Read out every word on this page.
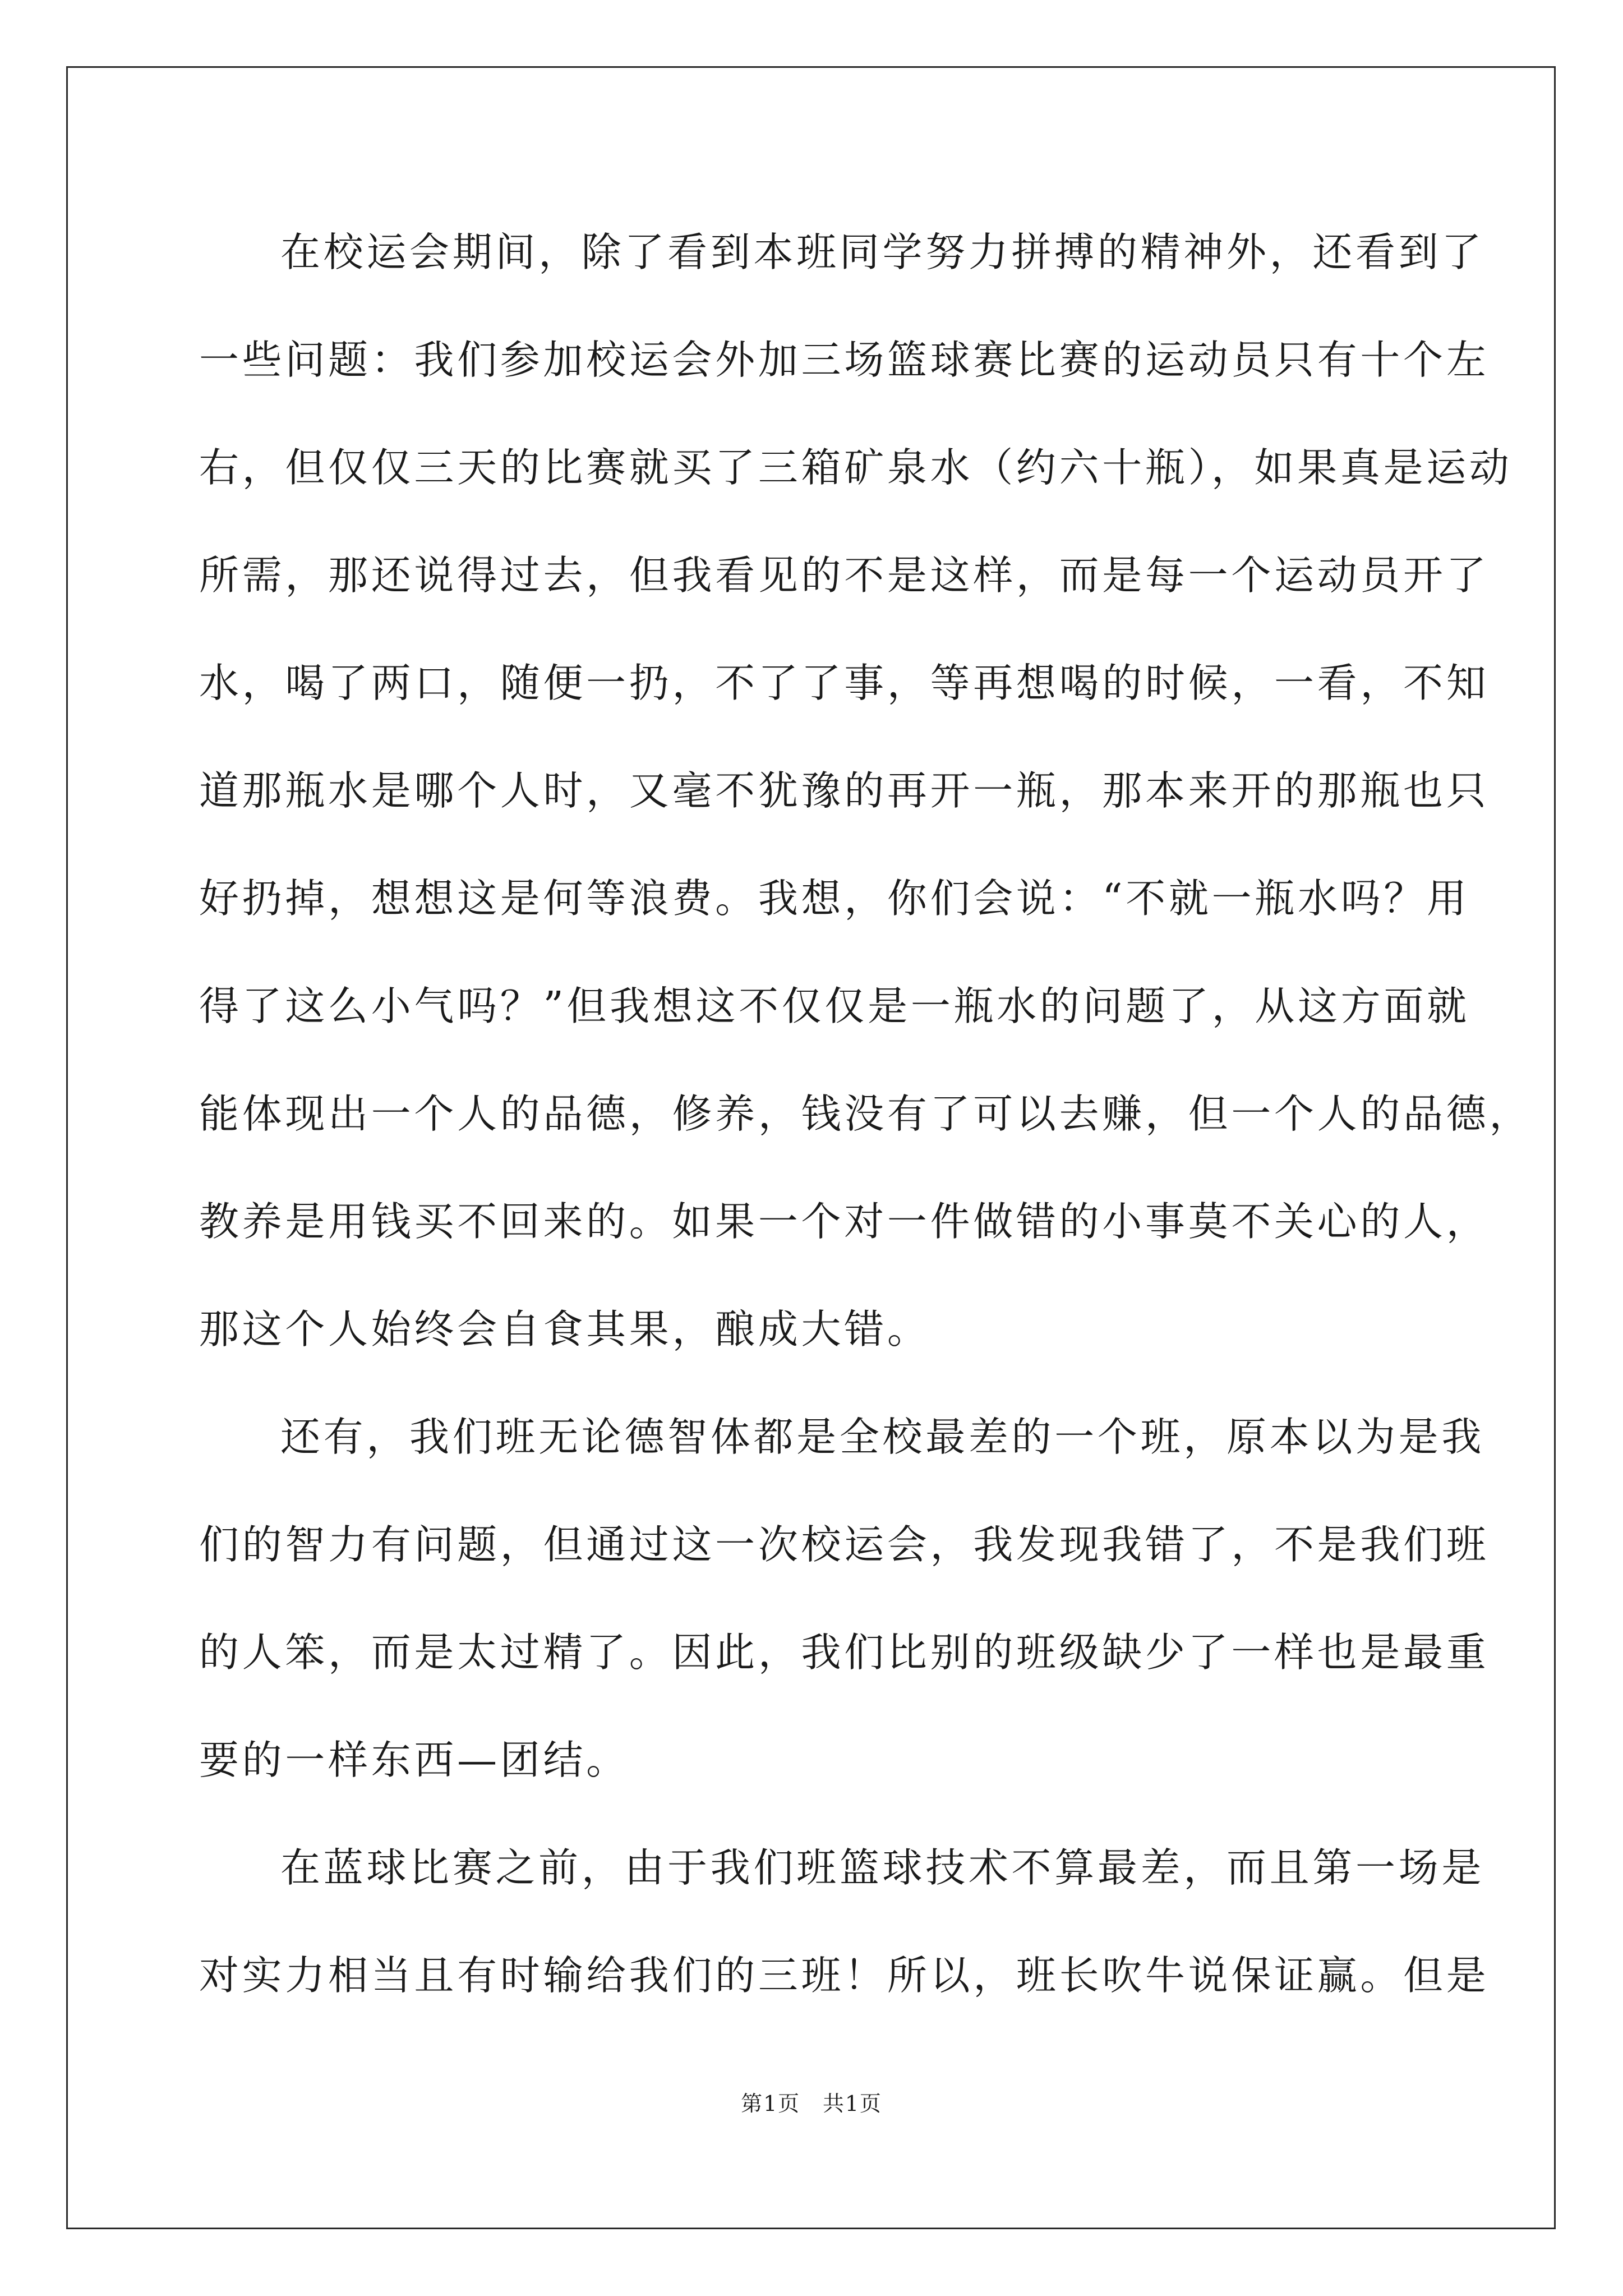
在校运会期间，除了看到本班同学努力拼搏的精神外，还看到了
一些问题：我们参加校运会外加三场篮球赛比赛的运动员只有十个左
右，但仅仅三天的比赛就买了三箱矿泉水（约六十瓶），如果真是运动
所需，那还说得过去，但我看见的不是这样，而是每一个运动员开了
水，喝了两口，随便一扔，不了了事，等再想喝的时候，一看，不知
道那瓶水是哪个人时，又毫不犹豫的再开一瓶，那本来开的那瓶也只
好扔掉，想想这是何等浪费。我想，你们会说：“不就一瓶水吗？用
得了这么小气吗？”但我想这不仅仅是一瓶水的问题了，从这方面就
能体现出一个人的品德，修养，钱没有了可以去赚，但一个人的品德，
教养是用钱买不回来的。如果一个对一件做错的小事莫不关心的人，
那这个人始终会自食其果，酿成大错。
还有，我们班无论德智体都是全校最差的一个班，原本以为是我
们的智力有问题，但通过这一次校运会，我发现我错了，不是我们班
的人笨，而是太过精了。因此，我们比别的班级缺少了一样也是最重
要的一样东西—团结。
在蓝球比赛之前，由于我们班篮球技术不算最差，而且第一场是
对实力相当且有时输给我们的三班！所以，班长吹牛说保证赢。但是
第1页　共1页
